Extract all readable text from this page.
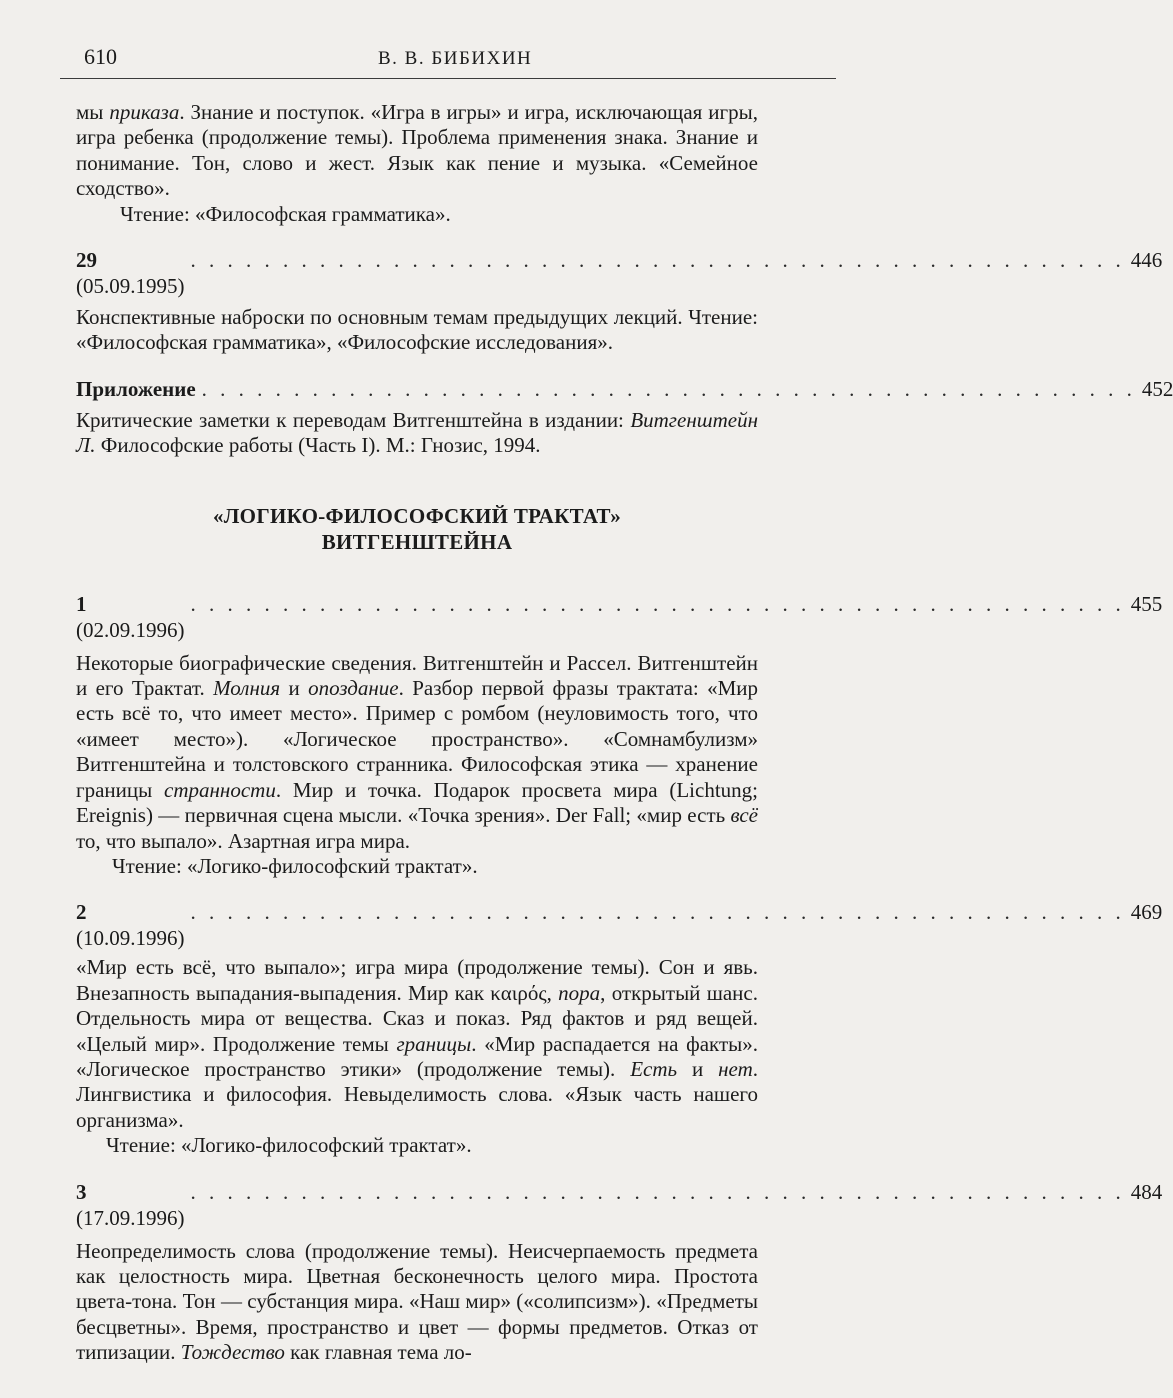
610	В. В. БИБИХИН

мы приказа. Знание и поступок. «Игра в игры» и игра, исключающая игры, игра ребенка (продолжение темы). Проблема применения знака. Знание и понимание. Тон, слово и жест. Язык как пение и музыка. «Семейное сходство».

Чтение: «Философская грамматика».

29 (05.09.1995)
. . . . . . . . . . . . . . . . . . . . . . . . . . . . . . . . . . . . . . . . . . . . . . . . . . . 446

Конспективные наброски по основным темам предыдущих лекций. Чтение: «Философская грамматика», «Философские исследования».

Приложение . . . . . . . . . . . . . . . . . . . . . . . . . . . . . . . . . . . . . . . . . . . . . . . . . . . 452

Критические заметки к переводам Витгенштейна в издании: Витгенштейн Л. Философские работы (Часть I). М.: Гнозис, 1994.

«ЛОГИКО-ФИЛОСОФСКИЙ ТРАКТАТ»
ВИТГЕНШТЕЙНА

1 (02.09.1996)
. . . . . . . . . . . . . . . . . . . . . . . . . . . . . . . . . . . . . . . . . . . . . . . . . . . 455

Некоторые биографические сведения. Витгенштейн и Рассел. Витгенштейн и его Трактат. Молния и опоздание. Разбор первой фразы трактата: «Мир есть всё то, что имеет место». Пример с ромбом (неуловимость того, что «имеет место»). «Логическое пространство». «Сомнамбулизм» Витгенштейна и толстовского странника. Философская этика — хранение границы странности. Мир и точка. Подарок просвета мира (Lichtung; Ereignis) — первичная сцена мысли. «Точка зрения». Der Fall; «мир есть всё то, что выпало». Азартная игра мира.

Чтение: «Логико-философский трактат».

2 (10.09.1996)
. . . . . . . . . . . . . . . . . . . . . . . . . . . . . . . . . . . . . . . . . . . . . . . . . . . 469

«Мир есть всё, что выпало»; игра мира (продолжение темы). Сон и явь. Внезапность выпадания-выпадения. Мир как καιρός, пора, открытый шанс. Отдельность мира от вещества. Сказ и показ. Ряд фактов и ряд вещей. «Целый мир». Продолжение темы границы. «Мир распадается на факты». «Логическое пространство этики» (продолжение темы). Есть и нет. Лингвистика и философия. Невыделимость слова. «Язык часть нашего организма».

Чтение: «Логико-философский трактат».

3 (17.09.1996)
. . . . . . . . . . . . . . . . . . . . . . . . . . . . . . . . . . . . . . . . . . . . . . . . . . . 484

Неопределимость слова (продолжение темы). Неисчерпаемость предмета как целостность мира. Цветная бесконечность целого мира. Простота цвета-тона. Тон — субстанция мира. «Наш мир» («солипсизм»). «Предметы бесцветны». Время, пространство и цвет — формы предметов. Отказ от типизации. Тождество как главная тема ло-
